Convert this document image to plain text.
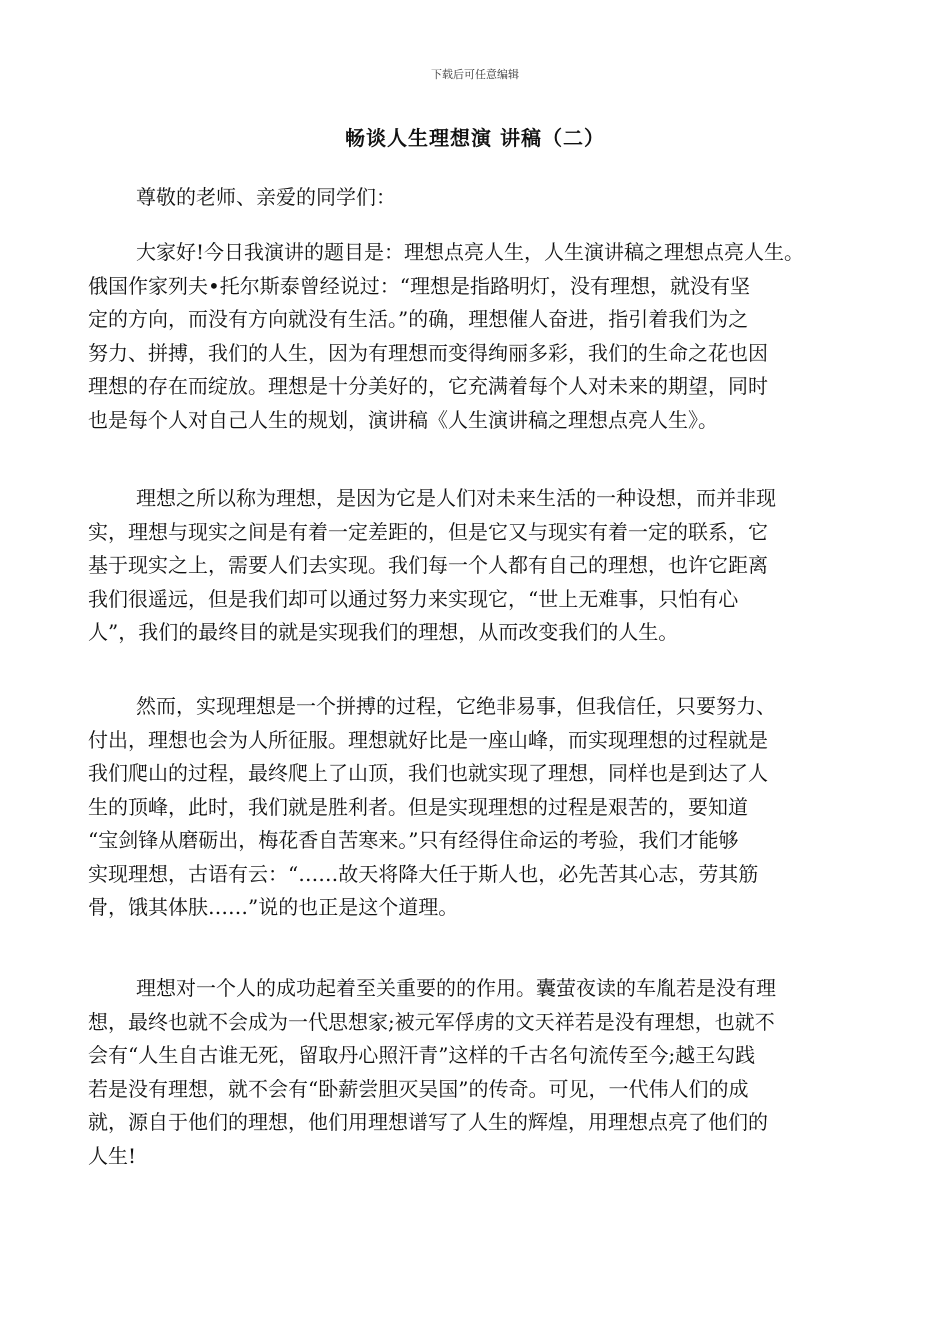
下载后可任意编辑
畅谈人生理想演 讲稿（二）
尊敬的老师、亲爱的同学们：
大家好!今日我演讲的题目是：理想点亮人生，人生演讲稿之理想点亮人生。
俄国作家列夫•托尔斯泰曾经说过：“理想是指路明灯，没有理想，就没有坚
定的方向，而没有方向就没有生活。”的确，理想催人奋进，指引着我们为之
努力、拼搏，我们的人生，因为有理想而变得绚丽多彩，我们的生命之花也因
理想的存在而绽放。理想是十分美好的，它充满着每个人对未来的期望，同时
也是每个人对自己人生的规划，演讲稿《人生演讲稿之理想点亮人生》。
理想之所以称为理想，是因为它是人们对未来生活的一种设想，而并非现
实，理想与现实之间是有着一定差距的，但是它又与现实有着一定的联系，它
基于现实之上，需要人们去实现。我们每一个人都有自己的理想，也许它距离
我们很遥远，但是我们却可以通过努力来实现它，“世上无难事，只怕有心
人”，我们的最终目的就是实现我们的理想，从而改变我们的人生。
然而，实现理想是一个拼搏的过程，它绝非易事，但我信任，只要努力、
付出，理想也会为人所征服。理想就好比是一座山峰，而实现理想的过程就是
我们爬山的过程，最终爬上了山顶，我们也就实现了理想，同样也是到达了人
生的顶峰，此时，我们就是胜利者。但是实现理想的过程是艰苦的，要知道
“宝剑锋从磨砺出，梅花香自苦寒来。”只有经得住命运的考验，我们才能够
实现理想，古语有云：“……故天将降大任于斯人也，必先苦其心志，劳其筋
骨，饿其体肤……”说的也正是这个道理。
理想对一个人的成功起着至关重要的的作用。囊萤夜读的车胤若是没有理
想，最终也就不会成为一代思想家;被元军俘虏的文天祥若是没有理想，也就不
会有“人生自古谁无死，留取丹心照汗青”这样的千古名句流传至今;越王勾践
若是没有理想，就不会有“卧薪尝胆灭吴国”的传奇。可见，一代伟人们的成
就，源自于他们的理想，他们用理想谱写了人生的辉煌，用理想点亮了他们的
人生!
